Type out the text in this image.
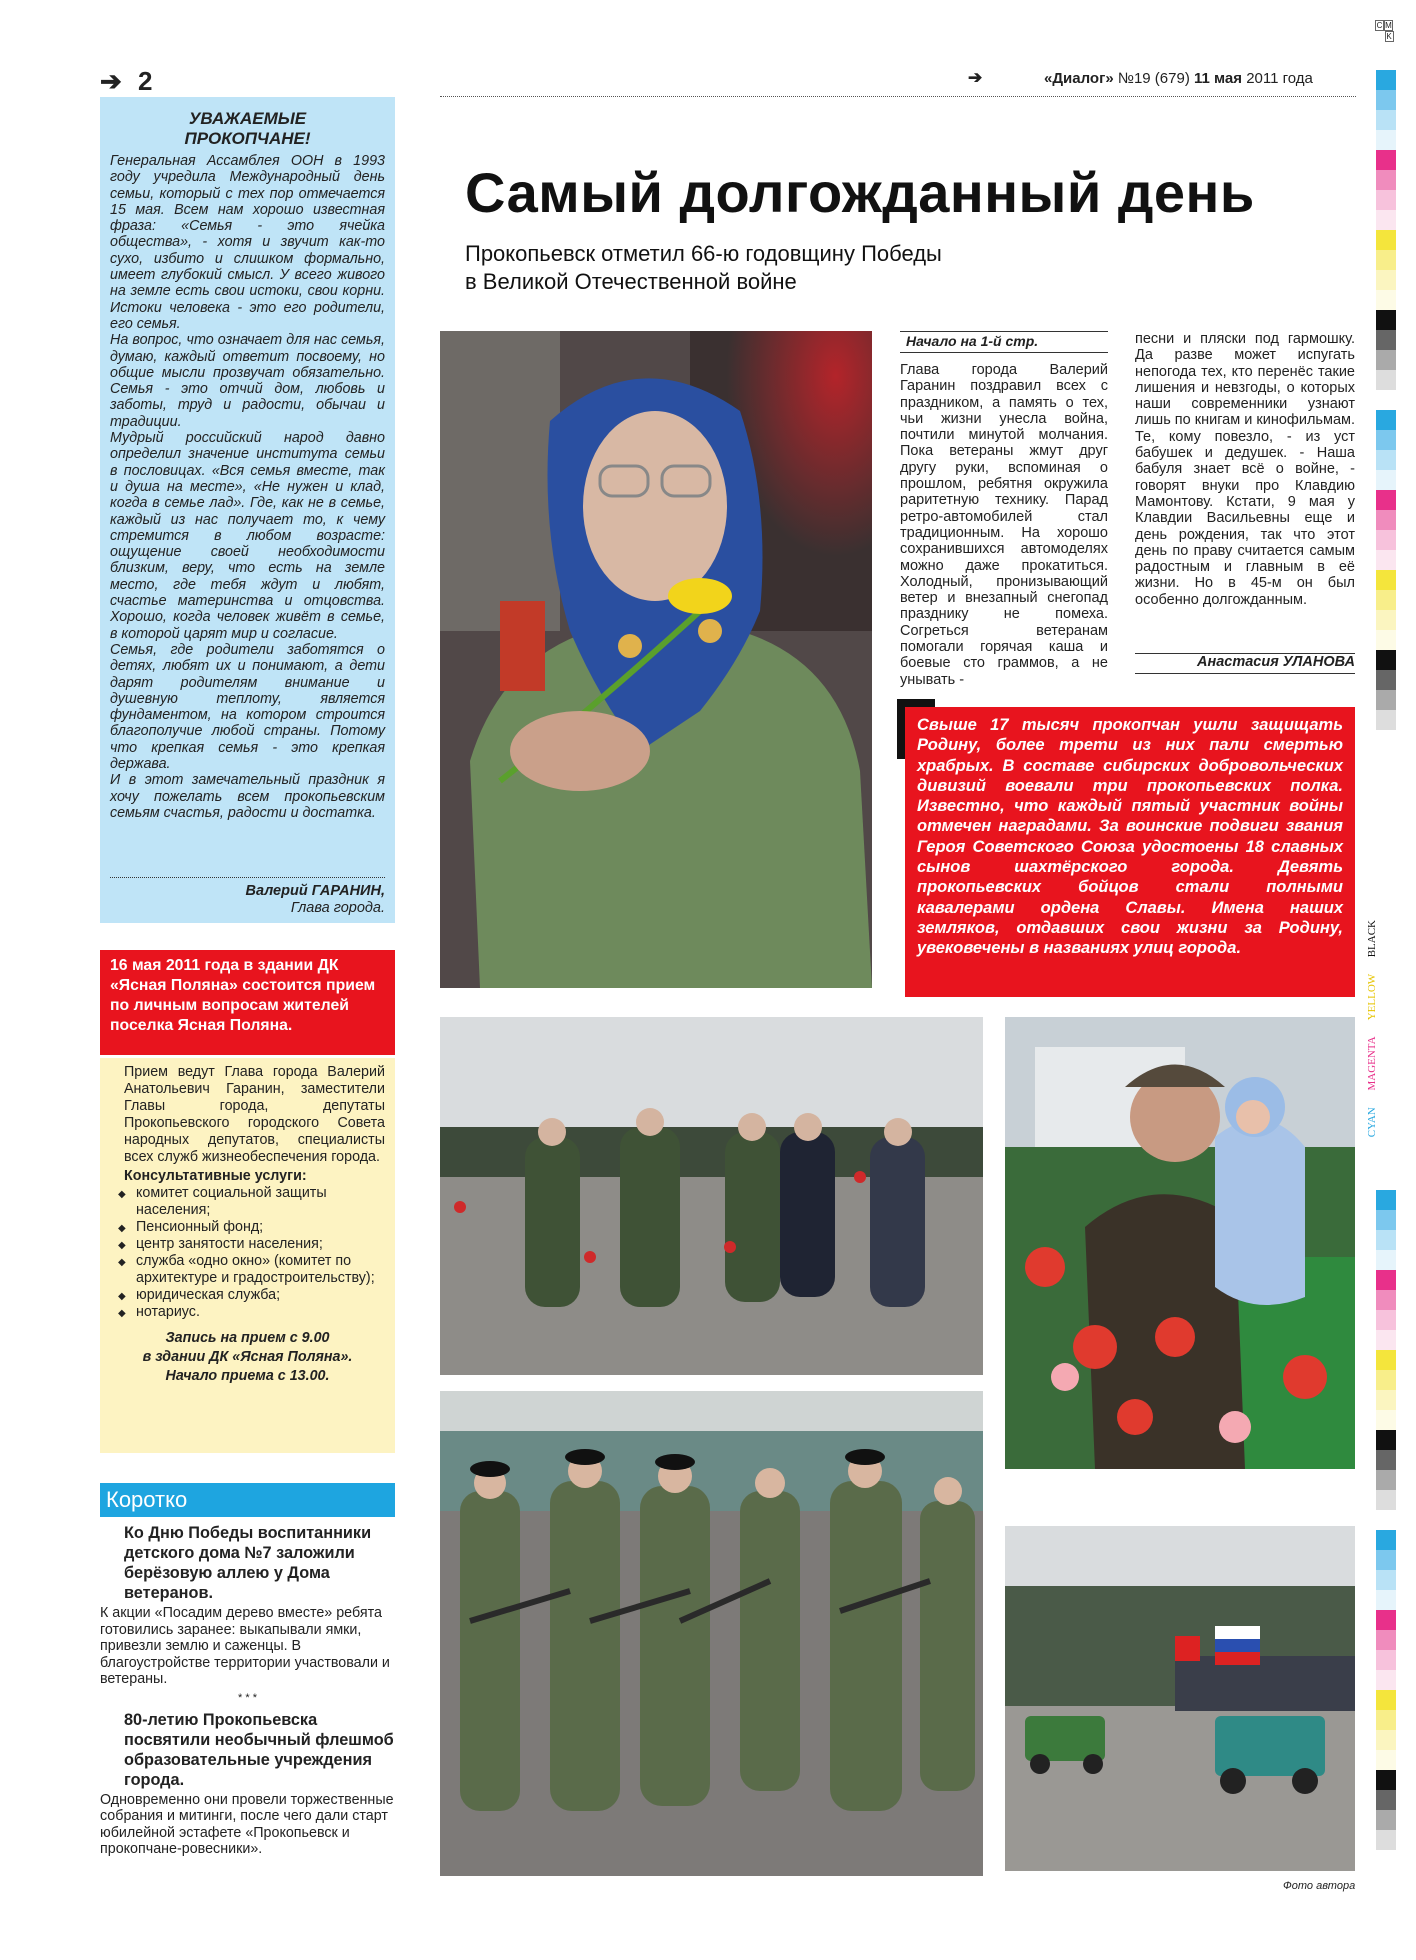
➔ 2	➔	«Диалог» №19 (679) 11 мая 2011 года
УВАЖАЕМЫЕ ПРОКОПЧАНЕ!

Генеральная Ассамблея ООН в 1993 году учредила Международный день семьи, который с тех пор отмечается 15 мая. Всем нам хорошо известная фраза: «Семья - это ячейка общества», - хотя и звучит как-то сухо, избито и слишком формально, имеет глубокий смысл. У всего живого на земле есть свои истоки, свои корни. Истоки человека - это его родители, его семья.

На вопрос, что означает для нас семья, думаю, каждый ответит посвоему, но общие мысли прозвучат обязательно. Семья - это отчий дом, любовь и заботы, труд и радости, обычаи и традиции.

Мудрый российский народ давно определил значение института семьи в пословицах. «Вся семья вместе, так и душа на месте», «Не нужен и клад, когда в семье лад». Где, как не в семье, каждый из нас получает то, к чему стремится в любом возрасте: ощущение своей необходимости близким, веру, что есть на земле место, где тебя ждут и любят, счастье материнства и отцовства. Хорошо, когда человек живёт в семье, в которой царят мир и согласие.

Семья, где родители заботятся о детях, любят их и понимают, а дети дарят родителям внимание и душевную теплоту, является фундаментом, на котором строится благополучие любой страны. Потому что крепкая семья - это крепкая держава.

И в этот замечательный праздник я хочу пожелать всем прокопьевским семьям счастья, радости и достатка.

Валерий ГАРАНИН,
Глава города.
16 мая 2011 года в здании ДК «Ясная Поляна» состоится прием по личным вопросам жителей поселка Ясная Поляна.
Прием ведут Глава города Валерий Анатольевич Гаранин, заместители Главы города, депутаты Прокопьевского городского Совета народных депутатов, специалисты всех служб жизнеобеспечения города.
Консультативные услуги:
◆ комитет социальной защиты населения;
◆ Пенсионный фонд;
◆ центр занятости населения;
◆ служба «одно окно» (комитет по архитектуре и градостроительству);
◆ юридическая служба;
◆ нотариус.
Запись на прием с 9.00
в здании ДК «Ясная Поляна».
Начало приема с 13.00.
Коротко
Ко Дню Победы воспитанники детского дома №7 заложили берёзовую аллею у Дома ветеранов.
К акции «Посадим дерево вместе» ребята готовились заранее: выкапывали ямки, привезли землю и саженцы. В благоустройстве территории участвовали и ветераны.
* * *
80-летию Прокопьевска посвятили необычный флешмоб образовательные учреждения города.
Одновременно они провели торжественные собрания и митинги, после чего дали старт юбилейной эстафете «Прокопьевск и прокопчане-ровесники».
Самый долгожданный день
Прокопьевск отметил 66-ю годовщину Победы
в Великой Отечественной войне
Начало на 1-й стр.
Глава города Валерий Гаранин поздравил всех с праздником, а память о тех, чьи жизни унесла война, почтили минутой молчания. Пока ветераны жмут друг другу руки, вспоминая о прошлом, ребятня окружила раритетную технику. Парад ретро-автомобилей стал традиционным. На хорошо сохранившихся автомоделях можно даже прокатиться. Холодный, пронизывающий ветер и внезапный снегопад празднику не помеха. Согреться ветеранам помогали горячая каша и боевые сто граммов, а не унывать -
песни и пляски под гармошку. Да разве может испугать непогода тех, кто перенёс такие лишения и невзгоды, о которых наши современники узнают лишь по книгам и кинофильмам. Те, кому повезло, - из уст бабушек и дедушек. - Наша бабуля знает всё о войне, - говорят внуки про Клавдию Мамонтову. Кстати, 9 мая у Клавдии Васильевны еще и день рождения, так что этот день по праву считается самым радостным и главным в её жизни. Но в 45-м он был особенно долгожданным.
Анастасия УЛАНОВА
Свыше 17 тысяч прокопчан ушли защищать Родину, более трети из них пали смертью храбрых. В составе сибирских добровольческих дивизий воевали три прокопьевских полка. Известно, что каждый пятый участник войны отмечен наградами. За воинские подвиги звания Героя Советского Союза удостоены 18 славных сынов шахтёрского города. Девять прокопьевских бойцов стали полными кавалерами ордена Славы. Имена наших земляков, отдавших свои жизни за Родину, увековечены в названиях улиц города.
Фото автора
C M K
CYAN MAGENTA YELLOW BLACK
